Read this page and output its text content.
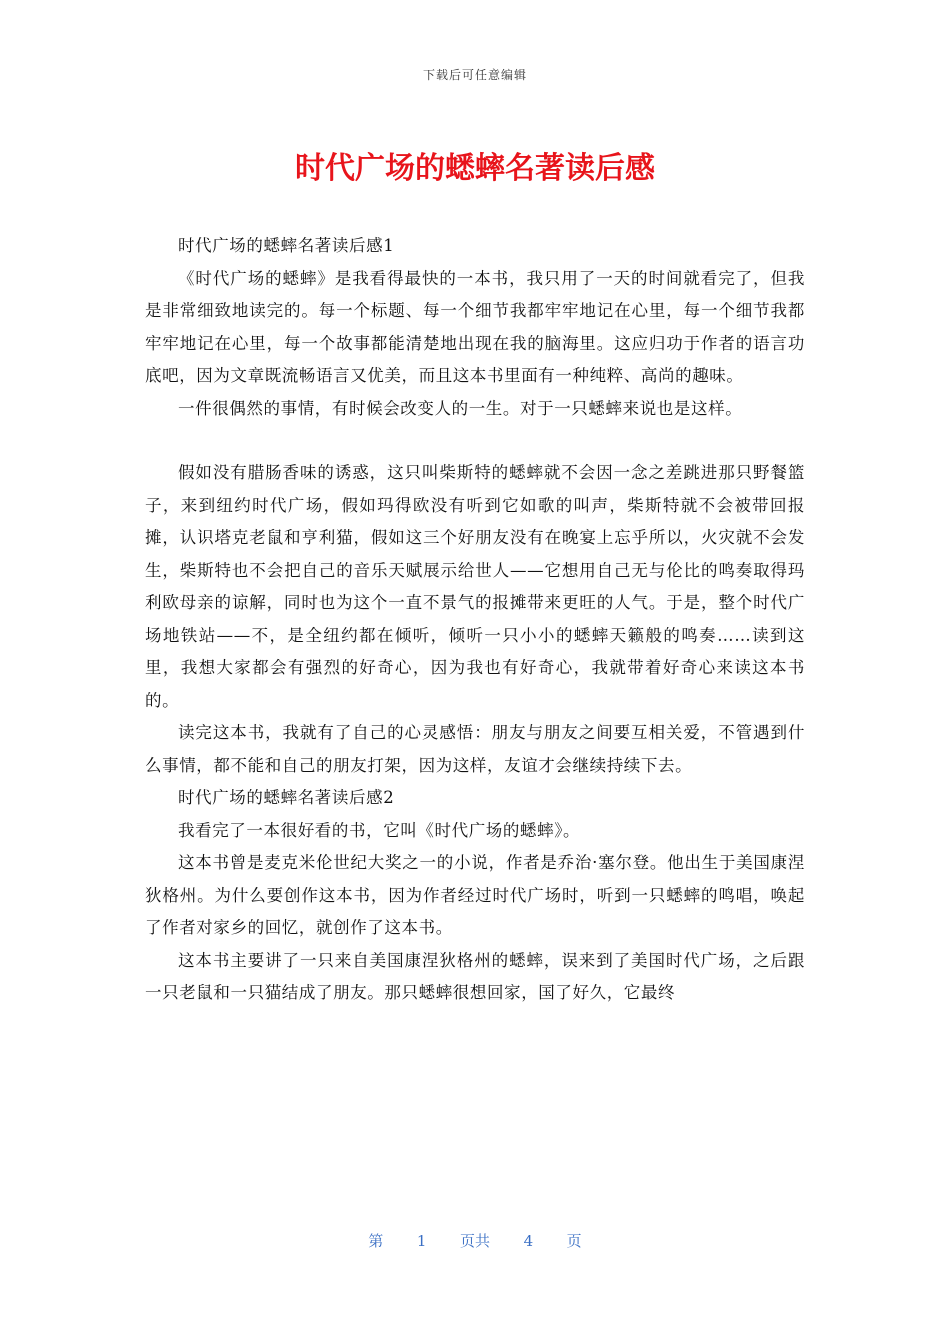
下载后可任意编辑
时代广场的蟋蟀名著读后感

时代广场的蟋蟀名著读后感1

《时代广场的蟋蟀》是我看得最快的一本书，我只用了一天的时间就看完了，但我是非常细致地读完的。每一个标题、每一个细节我都牢牢地记在心里，每一个细节我都牢牢地记在心里，每一个故事都能清楚地出现在我的脑海里。这应归功于作者的语言功底吧，因为文章既流畅语言又优美，而且这本书里面有一种纯粹、高尚的趣味。

一件很偶然的事情，有时候会改变人的一生。对于一只蟋蟀来说也是这样。

假如没有腊肠香味的诱惑，这只叫柴斯特的蟋蟀就不会因一念之差跳进那只野餐篮子，来到纽约时代广场，假如玛得欧没有听到它如歌的叫声，柴斯特就不会被带回报摊，认识塔克老鼠和亨利猫，假如这三个好朋友没有在晚宴上忘乎所以，火灾就不会发生，柴斯特也不会把自己的音乐天赋展示给世人——它想用自己无与伦比的鸣奏取得玛利欧母亲的谅解，同时也为这个一直不景气的报摊带来更旺的人气。于是，整个时代广场地铁站——不，是全纽约都在倾听，倾听一只小小的蟋蟀天籁般的鸣奏……读到这里，我想大家都会有强烈的好奇心，因为我也有好奇心，我就带着好奇心来读这本书的。

读完这本书，我就有了自己的心灵感悟：朋友与朋友之间要互相关爱，不管遇到什么事情，都不能和自己的朋友打架，因为这样，友谊才会继续持续下去。

时代广场的蟋蟀名著读后感2

我看完了一本很好看的书，它叫《时代广场的蟋蟀》。

这本书曾是麦克米伦世纪大奖之一的小说，作者是乔治·塞尔登。他出生于美国康涅狄格州。为什么要创作这本书，因为作者经过时代广场时，听到一只蟋蟀的鸣唱，唤起了作者对家乡的回忆，就创作了这本书。

这本书主要讲了一只来自美国康涅狄格州的蟋蟀，误来到了美国时代广场，之后跟一只老鼠和一只猫结成了朋友。那只蟋蟀很想回家，国了好久，它最终

第 1 页共 4 页
